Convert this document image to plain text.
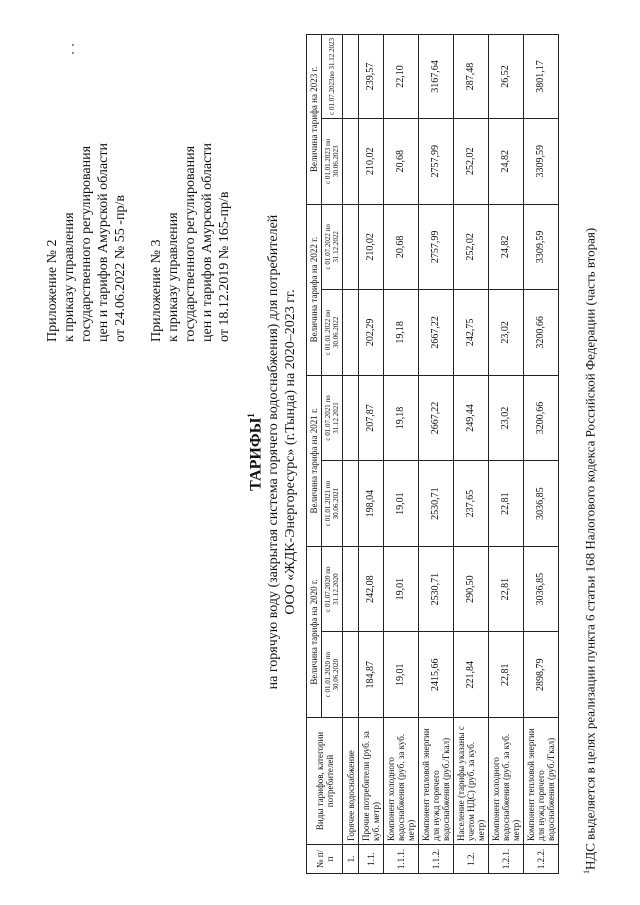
Приложение № 2 к приказу управления государственного регулирования цен и тарифов Амурской области от 24.06.2022 № 55 -пр/в Приложение № 3 к приказу управления государственного регулирования цен и тарифов Амурской области от 18.12.2019 № 165-пр/в
ТАРИФЫ$^1$ на горячую воду (закрытая система горячего водоснабжения) для потребителей ООО «ЖДК-Энергоресурс» (г.Тында) на 2020–2023 гг.
№ п/п	Виды тарифов, категории потребителей	Величина тарифа на 2020 г.		Величина тарифа на 2021 г.		Величина тарифа на 2022 г.		Величина тарифа на 2023 г.	
		с 01.01.2020 по 30.06.2020	с 01.07.2020 по 31.12.2020	с 01.01.2021 по 30.06.2021	с 01.07.2021 по 31.12.2021	с 01.01.2022 по 30.06.2022	с 01.07.2022 по 31.12.2022	с 01.01.2023 по 30.06.2023	с 01.07.2023по 31.12.2023
1.	Горячее водоснабжение								
1.1.	Прочие потребители (руб. за куб. метр)	184,87	242,08	198,04	207,87	202,29	210,02	210,02	239,57
1.1.1.	Компонент холодного водоснабжения (руб. за куб. метр)	19,01	19,01	19,01	19,18	19,18	20,68	20,68	22,10
1.1.2.	Компонент тепловой энергии для нужд горячего водоснабжения (руб./Гкал)	2415,66	2530,71	2530,71	2667,22	2667,22	2757,99	2757,99	3167,64
1.2.	Население (тарифы указаны с учетом НДС) (руб. за куб. метр)	221,84	290,50	237,65	249,44	242,75	252,02	252,02	287,48
1.2.1.	Компонент холодного водоснабжения (руб. за куб. метр)	22,81	22,81	22,81	23,02	23,02	24,82	24,82	26,52
1.2.2.	Компонент тепловой энергии для нужд горячего водоснабжения (руб./Гкал)	2898,79	3036,85	3036,85	3200,66	3200,66	3309,59	3309,59	3801,17
$^1$НДС выделяется в целях реализации пункта 6 статьи 168 Налогового кодекса Российской Федерации (часть вторая)
